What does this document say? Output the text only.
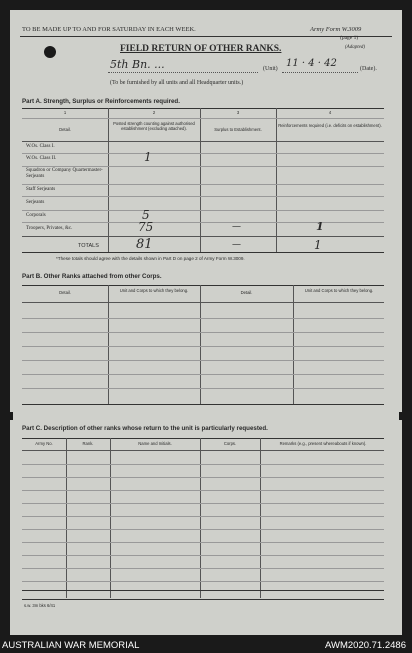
TO BE MADE UP TO AND FOR SATURDAY IN EACH WEEK.	Army Form W.3009
(page 1)
(Adapted)
FIELD RETURN OF OTHER RANKS.
5th Bn. ...	(Unit) 11 · 4 · 42	(Date).
(To be furnished by all units and all Headquarter units.)
Part A. Strength, Surplus or Reinforcements required.
1	2	3	4
Detail.
Posted strength counting against authorised establishment (excluding attached).	Surplus to Establishment.
Reinforcements required (i.e. deficits on establishment).
W.Os. Class I.
W.Os. Class II.	1
Squadron or Company Quartermaster-Serjeants
Staff Serjeants
Serjeants
Corporals	5
Troopers, Privates, &c.	75	—	1
TOTALS	81	—	1
*These totals should agree with the details shown in Part D on page 2 of Army Form W.3009.
Part B. Other Ranks attached from other Corps.
Detail.	Unit and Corps to which they belong.	Detail.	Unit and Corps to which they belong.
Part C. Description of other ranks whose return to the unit is particularly requested.
Army No.	Rank.	Name and Initials.	Corps.	Remarks (e.g., present whereabouts if known).
s.w. 3m bks 6/41
AUSTRALIAN WAR MEMORIAL	AWM2020.71.2486
